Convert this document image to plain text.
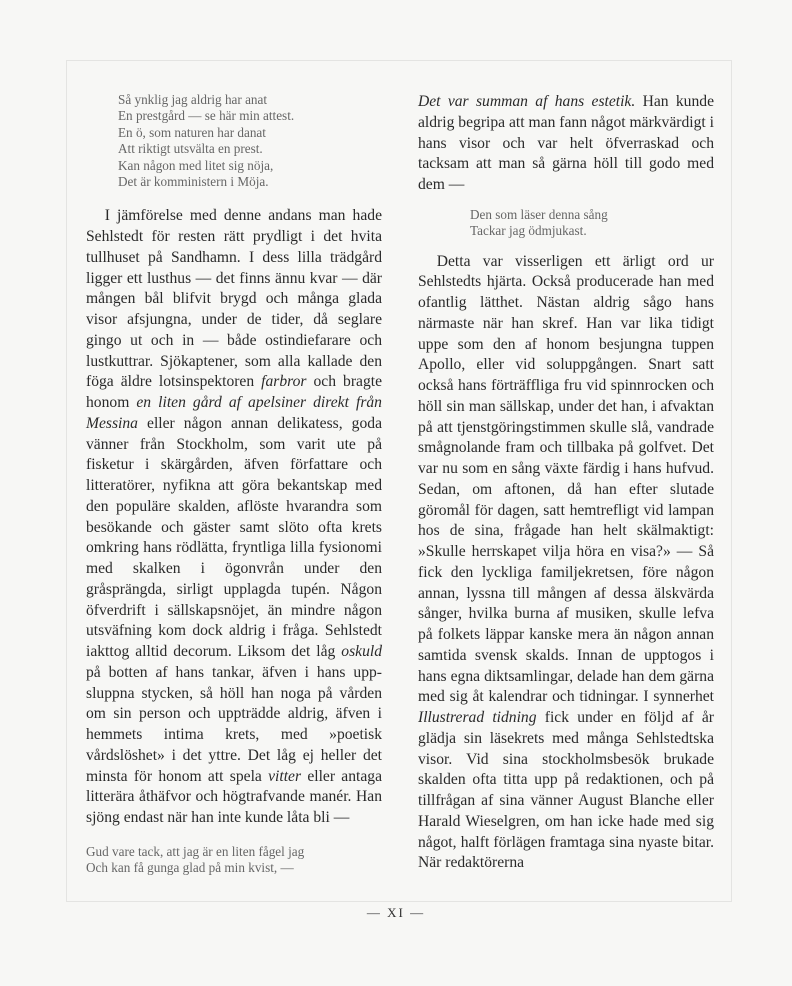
Så ynklig jag aldrig har anat
En prestgård — se här min attest.
En ö, som naturen har danat
Att riktigt utsvälta en prest.
Kan någon med litet sig nöja,
Det är komministern i Möja.

I jämförelse med denne andans man hade Sehlstedt för resten rätt prydligt i det hvita tullhuset på Sandhamn. I dess lilla trädgård ligger ett lusthus — det finns ännu kvar — där mången bål blifvit brygd och många glada visor afsjungna, under de tider, då seglare gingo ut och in — både ostindiefarare och lustkuttrar. Sjökaptener, som alla kallade den föga äldre lotsinspektoren farbror och bragte honom en liten gård af apelsiner direkt från Messina eller någon annan delikatess, goda vänner från Stockholm, som varit ute på fisketur i skärgården, äfven författare och litteratörer, nyfikna att göra bekantskap med den populäre skalden, aflöste hvarandra som besökande och gäster samt slöto ofta krets omkring hans rödlätta, fryntliga lilla fysionomi med skalken i ögonvrån under den gråsprängda, sirligt upplagda tupén. Någon öfverdrift i sällskapsnöjet, än mindre någon utsväfning kom dock aldrig i fråga. Sehlstedt iakttog alltid decorum. Liksom det låg oskuld på botten af hans tankar, äfven i hans uppsluppna stycken, så höll han noga på vården om sin person och uppträdde aldrig, äfven i hemmets intima krets, med »poetisk vårdslöshet» i det yttre. Det låg ej heller det minsta för honom att spela vitter eller antaga litterära åthäfvor och högtrafvande manér. Han sjöng endast när han inte kunde låta bli —

Gud vare tack, att jag är en liten fågel jag
Och kan få gunga glad på min kvist, —

Det var summan af hans estetik. Han kunde aldrig begripa att man fann något märkvärdigt i hans visor och var helt öfverraskad och tacksam att man så gärna höll till godo med dem —

Den som läser denna sång
Tackar jag ödmjukast.

Detta var visserligen ett ärligt ord ur Sehlstedts hjärta. Också producerade han med ofantlig lätthet. Nästan aldrig sågo hans närmaste när han skref. Han var lika tidigt uppe som den af honom besjungna tuppen Apollo, eller vid soluppgången. Snart satt också hans förträffliga fru vid spinnrocken och höll sin man sällskap, under det han, i afvaktan på att tjenstgöringstimmen skulle slå, vandrade smågnolande fram och tillbaka på golfvet. Det var nu som en sång växte färdig i hans hufvud. Sedan, om aftonen, då han efter slutade göromål för dagen, satt hemtrefligt vid lampan hos de sina, frågade han helt skälmaktigt: »Skulle herrskapet vilja höra en visa?» — Så fick den lyckliga familjekretsen, före någon annan, lyssna till mången af dessa älskvärda sånger, hvilka burna af musiken, skulle lefva på folkets läppar kanske mera än någon annan samtida svensk skalds. Innan de upptogos i hans egna diktsamlingar, delade han dem gärna med sig åt kalendrar och tidningar. I synnerhet Illustrerad tidning fick under en följd af år glädja sin läsekrets med många Sehlstedtska visor. Vid sina stockholmsbesök brukade skalden ofta titta upp på redaktionen, och på tillfrågan af sina vänner August Blanche eller Harald Wieselgren, om han icke hade med sig något, halft förlägen framtaga sina nyaste bitar. När redaktörerna

— XI —
